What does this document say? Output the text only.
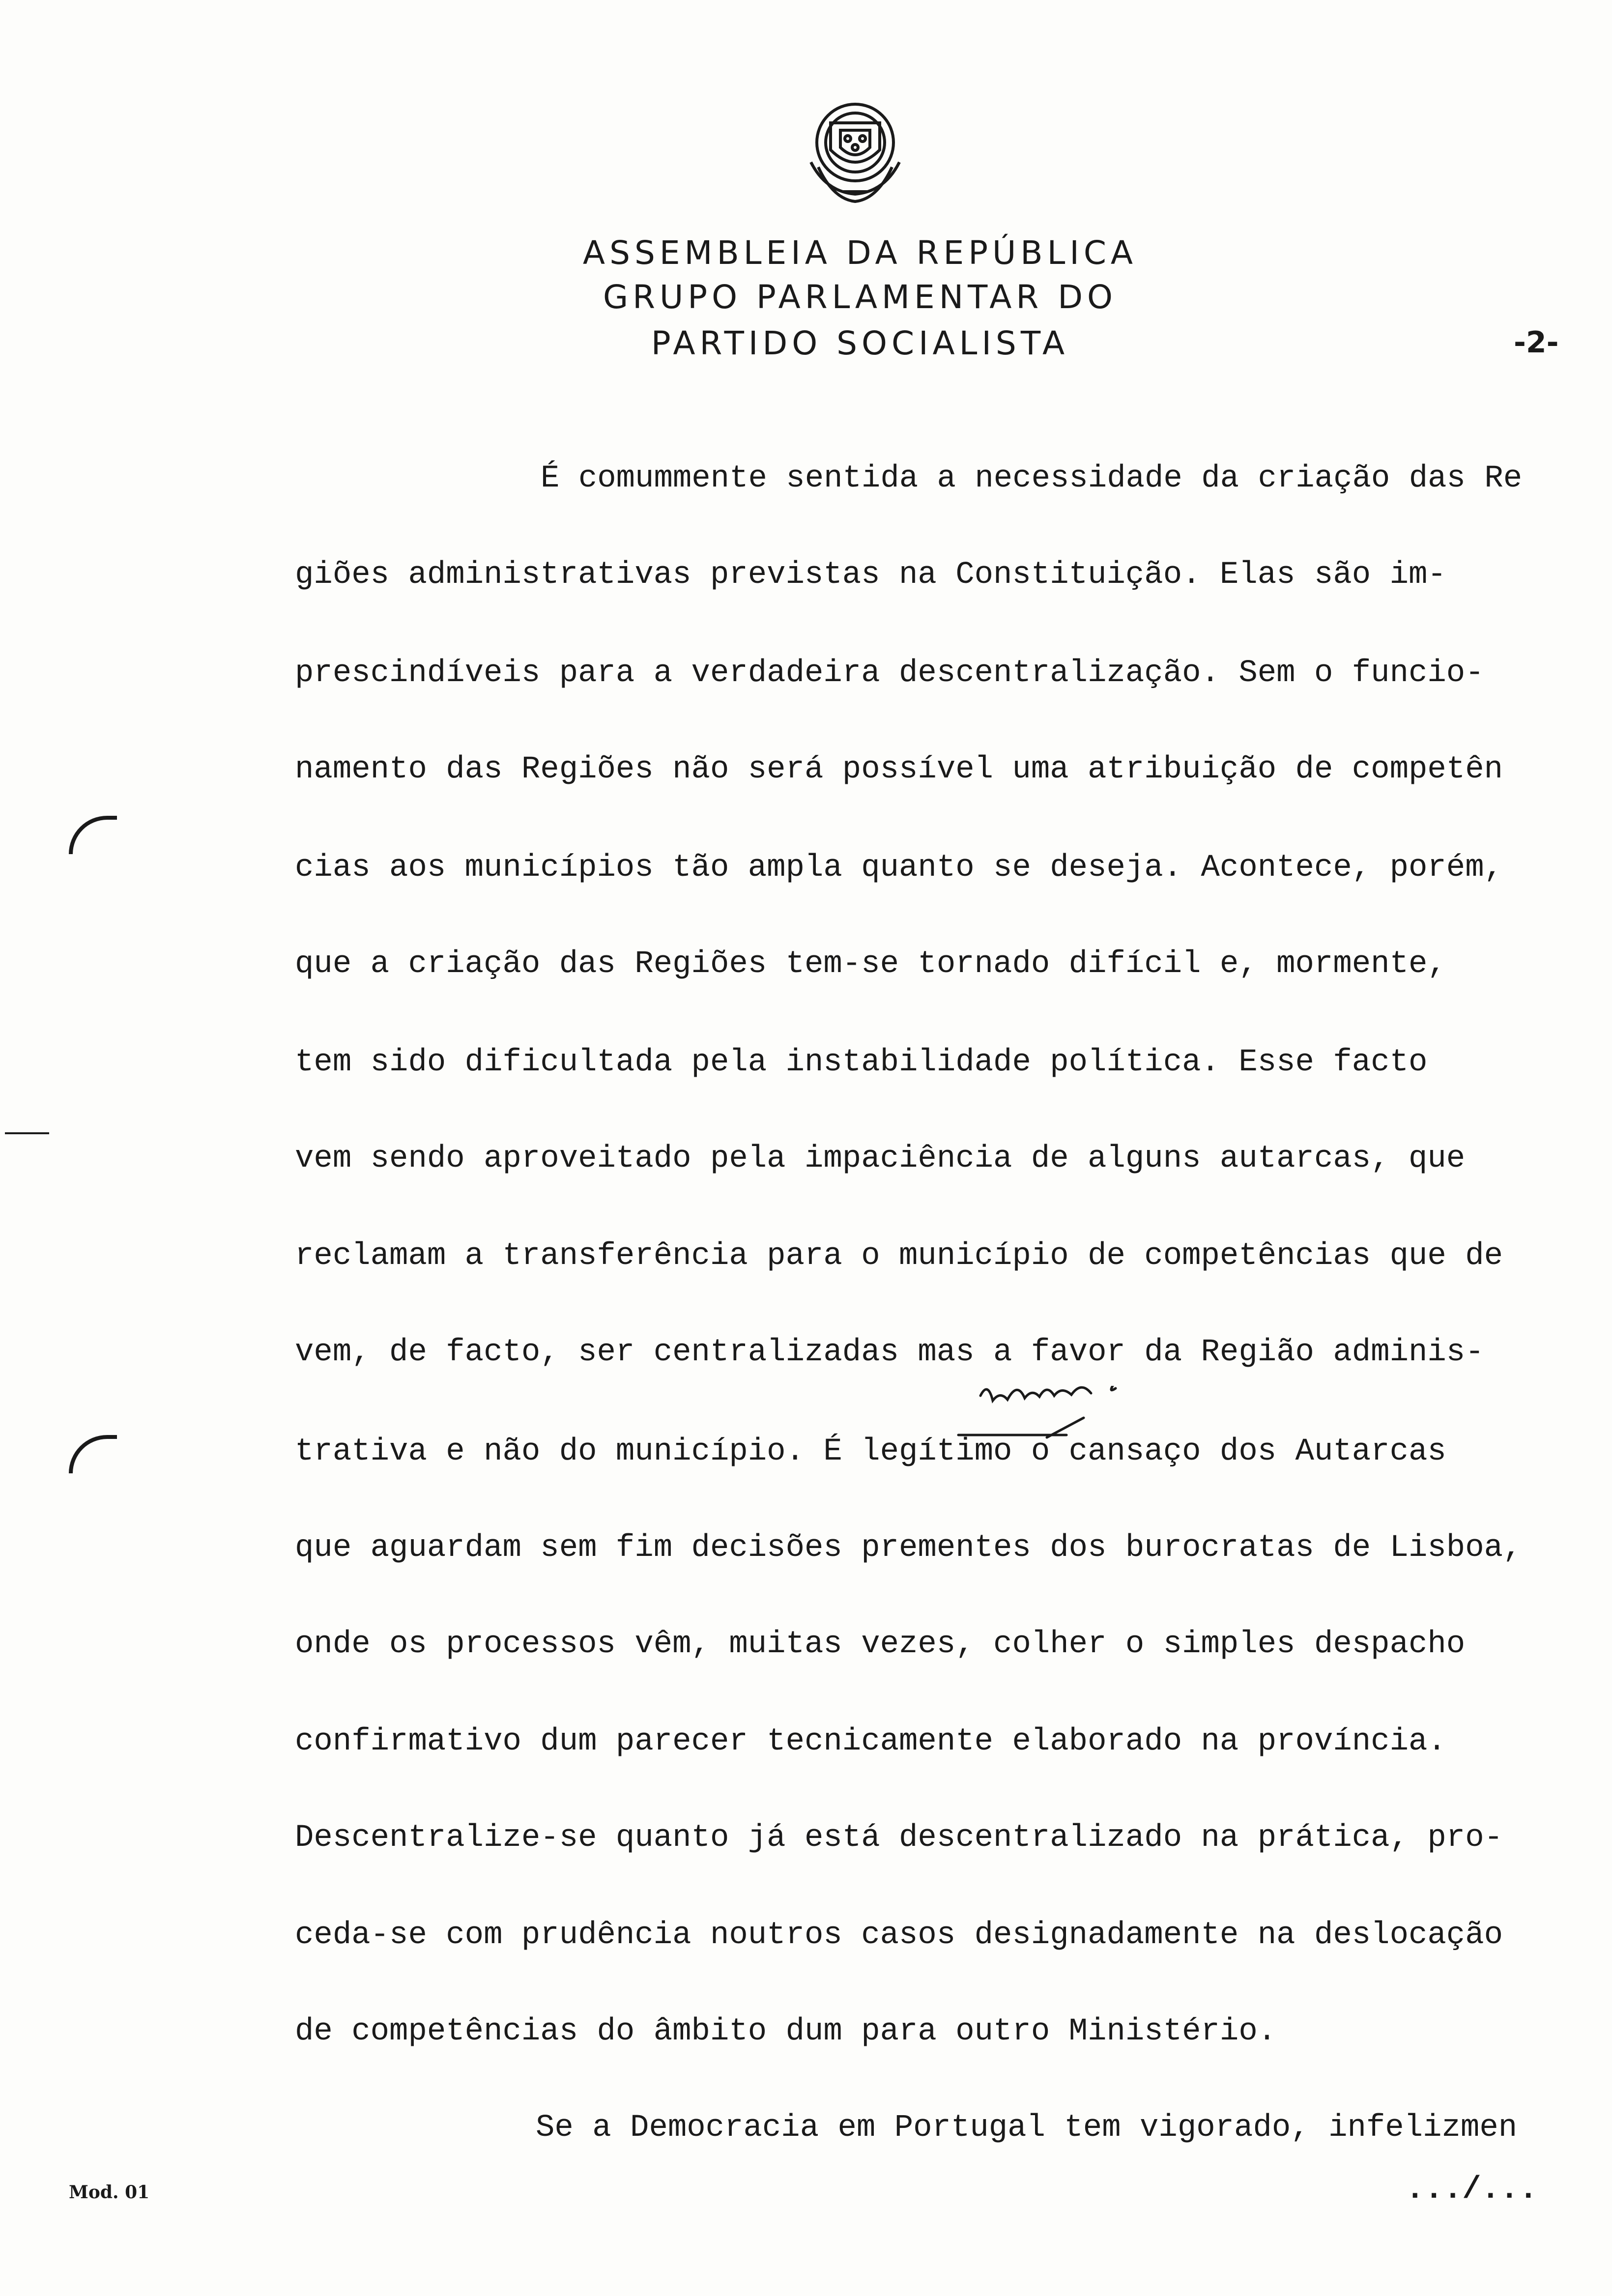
ASSEMBLEIA DA REPÚBLICA
GRUPO PARLAMENTAR DO
PARTIDO SOCIALISTA	-2-
É comummente sentida a necessidade da criação das Re
giões administrativas previstas na Constituição. Elas são im-
prescindíveis para a verdadeira descentralização. Sem o funcio-
namento das Regiões não será possível uma atribuição de competên
cias aos municípios tão ampla quanto se deseja. Acontece, porém,
que a criação das Regiões tem-se tornado difícil e, mormente,
tem sido dificultada pela instabilidade política. Esse facto
vem sendo aproveitado pela impaciência de alguns autarcas, que
reclamam a transferência para o município de competências que de
vem, de facto, ser centralizadas mas a favor da Região adminis-
trativa e não do município. É legítimo o cansaço dos Autarcas
que aguardam sem fim decisões prementes dos burocratas de Lisboa,
onde os processos vêm, muitas vezes, colher o simples despacho
confirmativo dum parecer tecnicamente elaborado na província.
Descentralize-se quanto já está descentralizado na prática, pro-
ceda-se com prudência noutros casos designadamente na deslocação
de competências do âmbito dum para outro Ministério.
Se a Democracia em Portugal tem vigorado, infelizmen
Mod. 01	.../...
